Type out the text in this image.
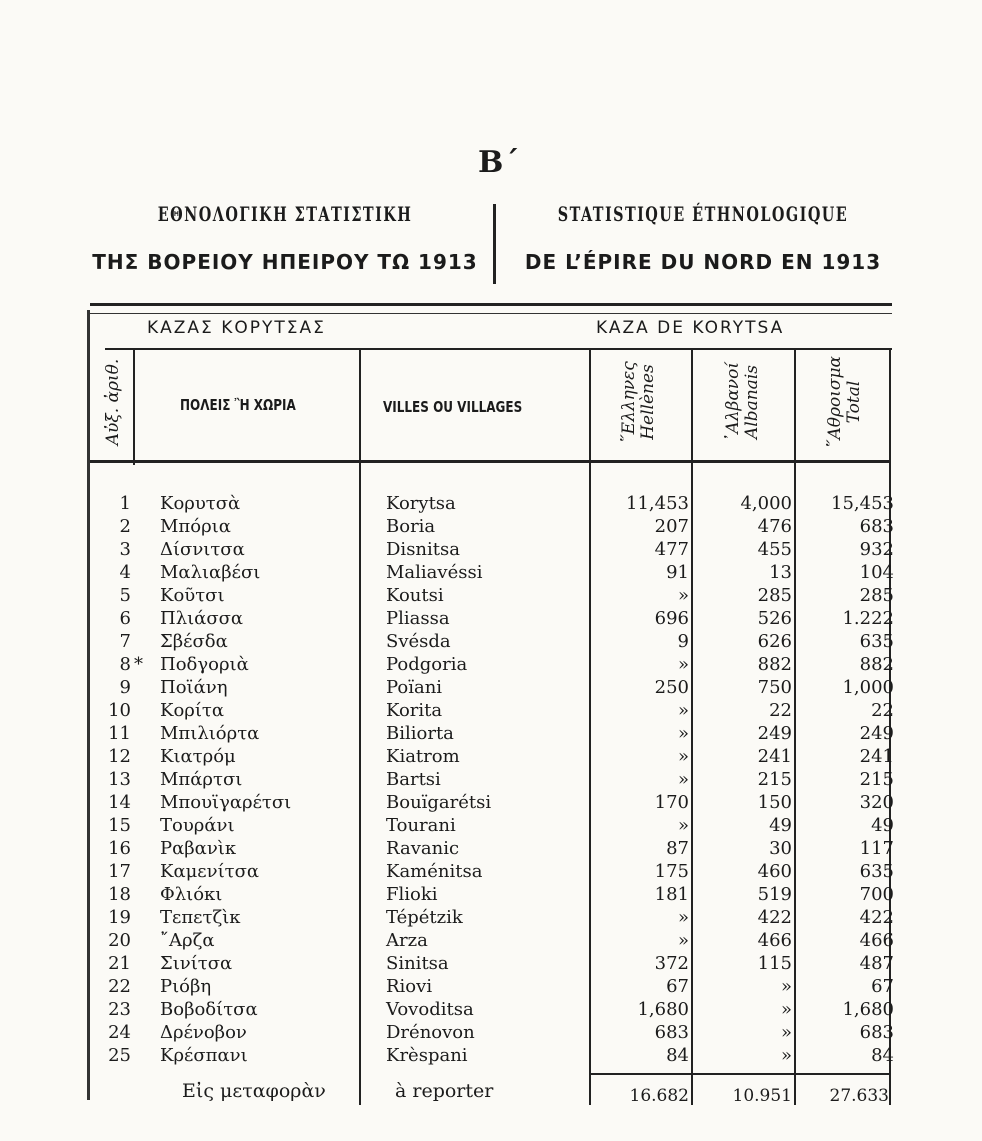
B΄
ΕΘΝΟΛΟΓΙΚΗ ΣΤΑΤΙΣΤΙΚΗ
ΤΗΣ ΒΟΡΕΙΟΥ ΗΠΕΙΡΟΥ ΤΩ 1913
STATISTIQUE ÉTHNOLOGIQUE
DE L’ÉPIRE DU NORD EN 1913
ΚΑΖΑΣ ΚΟΡΥΤΣΑΣ	KAZA DE KORYTSA
Αὐξ. ἀριθ.	ΠΟΛΕΙΣ Ἢ ΧΩΡΙΑ	VILLES OU VILLAGES	῞Ελληνες Hellènes	᾿Αλβανοί Albanais	῞Αθροισμα Total
1 Κορυτσὰ	Korytsa	11,453	4,000	15,453
2 Μπόρια	Boria	207	476	683
3 Δίσνιτσα	Disnitsa	477	455	932
4 Μαλιαβέσι	Maliavéssi	91	13	104
5 Κοῦτσι	Koutsi	»	285	285
6 Πλιάσσα	Pliassa	696	526	1.222
7 Σβέσδα	Svésda	9	626	635
8 * Ποδγοριὰ	Podgoria	»	882	882
9 Ποϊάνη	Poïani	250	750	1,000
10 Κορίτα	Korita	»	22	22
11 Μπιλιόρτα	Biliorta	»	249	249
12 Κιατρόμ	Kiatrom	»	241	241
13 Μπάρτσι	Bartsi	»	215	215
14 Μπουϊγαρέτσι	Bouïgarétsi	170	150	320
15 Τουράνι	Tourani	»	49	49
16 Ραβανὶκ	Ravanic	87	30	117
17 Καμενίτσα	Kaménitsa	175	460	635
18 Φλιόκι	Flioki	181	519	700
19 Τεπετζὶκ	Tépétzik	»	422	422
20 ῎Αρζα	Arza	»	466	466
21 Σινίτσα	Sinitsa	372	115	487
22 Ριόβη	Riovi	67	»	67
23 Βοβοδίτσα	Vovoditsa	1,680	»	1,680
24 Δρένοβον	Drénovon	683	»	683
25 Κρέσπανι	Krèspani	84	»	84
Εἰς μεταφορὰν	à reporter	16.682	10.951	27.633
